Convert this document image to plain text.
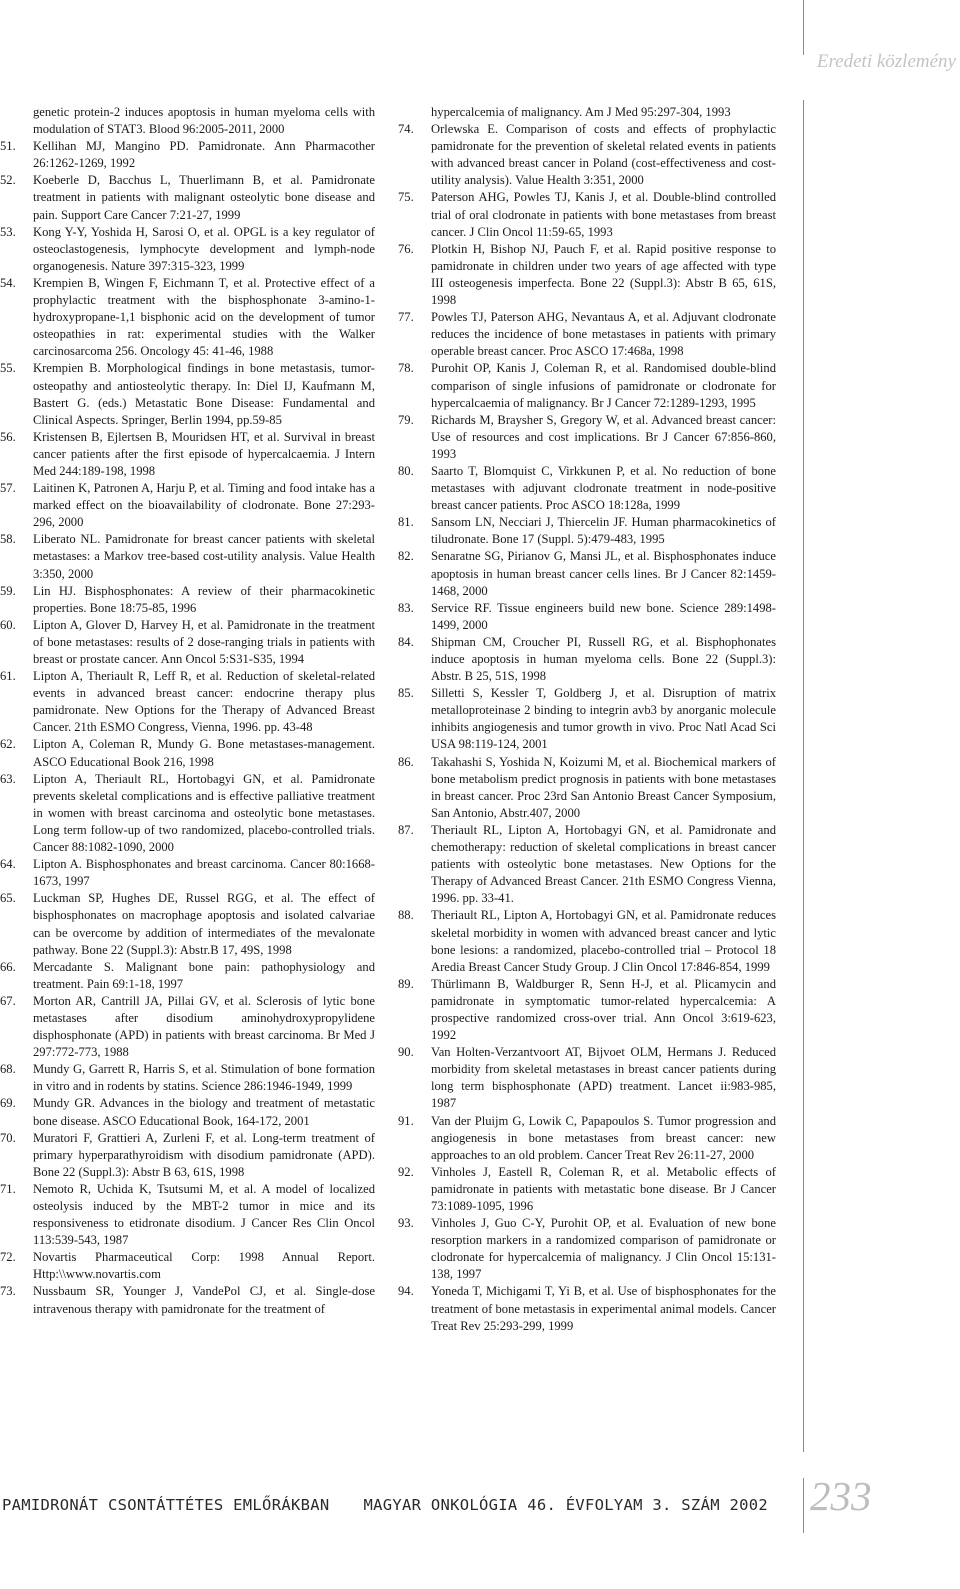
Eredeti közlemény
genetic protein-2 induces apoptosis in human myeloma cells with modulation of STAT3. Blood 96:2005-2011, 2000
51.	Kellihan MJ, Mangino PD. Pamidronate. Ann Pharmacother 26:1262-1269, 1992
52.	Koeberle D, Bacchus L, Thuerlimann B, et al. Pamidronate treatment in patients with malignant osteolytic bone disease and pain. Support Care Cancer 7:21-27, 1999
53.	Kong Y-Y, Yoshida H, Sarosi O, et al. OPGL is a key regulator of osteoclastogenesis, lymphocyte development and lymph-node organogenesis. Nature 397:315-323, 1999
54.	Krempien B, Wingen F, Eichmann T, et al. Protective effect of a prophylactic treatment with the bisphosphonate 3-amino-1-hydroxypropane-1,1 bisphonic acid on the development of tumor osteopathies in rat: experimental studies with the Walker carcinosarcoma 256. Oncology 45: 41-46, 1988
55.	Krempien B. Morphological findings in bone metastasis, tumor-osteopathy and antiosteolytic therapy. In: Diel IJ, Kaufmann M, Bastert G. (eds.) Metastatic Bone Disease: Fundamental and Clinical Aspects. Springer, Berlin 1994, pp.59-85
56.	Kristensen B, Ejlertsen B, Mouridsen HT, et al. Survival in breast cancer patients after the first episode of hypercalcaemia. J Intern Med 244:189-198, 1998
57.	Laitinen K, Patronen A, Harju P, et al. Timing and food intake has a marked effect on the bioavailability of clodronate. Bone 27:293-296, 2000
58.	Liberato NL. Pamidronate for breast cancer patients with skeletal metastases: a Markov tree-based cost-utility analysis. Value Health 3:350, 2000
59.	Lin HJ. Bisphosphonates: A review of their pharmacokinetic properties. Bone 18:75-85, 1996
60.	Lipton A, Glover D, Harvey H, et al. Pamidronate in the treatment of bone metastases: results of 2 dose-ranging trials in patients with breast or prostate cancer. Ann Oncol 5:S31-S35, 1994
61.	Lipton A, Theriault R, Leff R, et al. Reduction of skeletal-related events in advanced breast cancer: endocrine therapy plus pamidronate. New Options for the Therapy of Advanced Breast Cancer. 21th ESMO Congress, Vienna, 1996. pp. 43-48
62.	Lipton A, Coleman R, Mundy G. Bone metastases-management. ASCO Educational Book 216, 1998
63.	Lipton A, Theriault RL, Hortobagyi GN, et al. Pamidronate prevents skeletal complications and is effective palliative treatment in women with breast carcinoma and osteolytic bone metastases. Long term follow-up of two randomized, placebo-controlled trials. Cancer 88:1082-1090, 2000
64.	Lipton A. Bisphosphonates and breast carcinoma. Cancer 80:1668-1673, 1997
65.	Luckman SP, Hughes DE, Russel RGG, et al. The effect of bisphosphonates on macrophage apoptosis and isolated calvariae can be overcome by addition of intermediates of the mevalonate pathway. Bone 22 (Suppl.3): Abstr.B 17, 49S, 1998
66.	Mercadante S. Malignant bone pain: pathophysiology and treatment. Pain 69:1-18, 1997
67.	Morton AR, Cantrill JA, Pillai GV, et al. Sclerosis of lytic bone metastases after disodium aminohydroxypropylidene disphosphonate (APD) in patients with breast carcinoma. Br Med J 297:772-773, 1988
68.	Mundy G, Garrett R, Harris S, et al. Stimulation of bone formation in vitro and in rodents by statins. Science 286:1946-1949, 1999
69.	Mundy GR. Advances in the biology and treatment of metastatic bone disease. ASCO Educational Book, 164-172, 2001
70.	Muratori F, Grattieri A, Zurleni F, et al. Long-term treatment of primary hyperparathyroidism with disodium pamidronate (APD). Bone 22 (Suppl.3): Abstr B 63, 61S, 1998
71.	Nemoto R, Uchida K, Tsutsumi M, et al. A model of localized osteolysis induced by the MBT-2 tumor in mice and its responsiveness to etidronate disodium. J Cancer Res Clin Oncol 113:539-543, 1987
72.	Novartis Pharmaceutical Corp: 1998 Annual Report. Http:\\www.novartis.com
73.	Nussbaum SR, Younger J, VandePol CJ, et al. Single-dose intravenous therapy with pamidronate for the treatment of
hypercalcemia of malignancy. Am J Med 95:297-304, 1993
74.	Orlewska E. Comparison of costs and effects of prophylactic pamidronate for the prevention of skeletal related events in patients with advanced breast cancer in Poland (cost-effectiveness and cost-utility analysis). Value Health 3:351, 2000
75.	Paterson AHG, Powles TJ, Kanis J, et al. Double-blind controlled trial of oral clodronate in patients with bone metastases from breast cancer. J Clin Oncol 11:59-65, 1993
76.	Plotkin H, Bishop NJ, Pauch F, et al. Rapid positive response to pamidronate in children under two years of age affected with type III osteogenesis imperfecta. Bone 22 (Suppl.3): Abstr B 65, 61S, 1998
77.	Powles TJ, Paterson AHG, Nevantaus A, et al. Adjuvant clodronate reduces the incidence of bone metastases in patients with primary operable breast cancer. Proc ASCO 17:468a, 1998
78.	Purohit OP, Kanis J, Coleman R, et al. Randomised double-blind comparison of single infusions of pamidronate or clodronate for hypercalcaemia of malignancy. Br J Cancer 72:1289-1293, 1995
79.	Richards M, Braysher S, Gregory W, et al. Advanced breast cancer: Use of resources and cost implications. Br J Cancer 67:856-860, 1993
80.	Saarto T, Blomquist C, Virkkunen P, et al. No reduction of bone metastases with adjuvant clodronate treatment in node-positive breast cancer patients. Proc ASCO 18:128a, 1999
81.	Sansom LN, Necciari J, Thiercelin JF. Human pharmacokinetics of tiludronate. Bone 17 (Suppl. 5):479-483, 1995
82.	Senaratne SG, Pirianov G, Mansi JL, et al. Bisphosphonates induce apoptosis in human breast cancer cells lines. Br J Cancer 82:1459-1468, 2000
83.	Service RF. Tissue engineers build new bone. Science 289:1498-1499, 2000
84.	Shipman CM, Croucher PI, Russell RG, et al. Bisphophonates induce apoptosis in human myeloma cells. Bone 22 (Suppl.3): Abstr. B 25, 51S, 1998
85.	Silletti S, Kessler T, Goldberg J, et al. Disruption of matrix metalloproteinase 2 binding to integrin avb3 by anorganic molecule inhibits angiogenesis and tumor growth in vivo. Proc Natl Acad Sci USA 98:119-124, 2001
86.	Takahashi S, Yoshida N, Koizumi M, et al. Biochemical markers of bone metabolism predict prognosis in patients with bone metastases in breast cancer. Proc 23rd San Antonio Breast Cancer Symposium, San Antonio, Abstr.407, 2000
87.	Theriault RL, Lipton A, Hortobagyi GN, et al. Pamidronate and chemotherapy: reduction of skeletal complications in breast cancer patients with osteolytic bone metastases. New Options for the Therapy of Advanced Breast Cancer. 21th ESMO Congress Vienna, 1996. pp. 33-41.
88.	Theriault RL, Lipton A, Hortobagyi GN, et al. Pamidronate reduces skeletal morbidity in women with advanced breast cancer and lytic bone lesions: a randomized, placebo-controlled trial – Protocol 18 Aredia Breast Cancer Study Group. J Clin Oncol 17:846-854, 1999
89.	Thürlimann B, Waldburger R, Senn H-J, et al. Plicamycin and pamidronate in symptomatic tumor-related hypercalcemia: A prospective randomized cross-over trial. Ann Oncol 3:619-623, 1992
90.	Van Holten-Verzantvoort AT, Bijvoet OLM, Hermans J. Reduced morbidity from skeletal metastases in breast cancer patients during long term bisphosphonate (APD) treatment. Lancet ii:983-985, 1987
91.	Van der Pluijm G, Lowik C, Papapoulos S. Tumor progression and angiogenesis in bone metastases from breast cancer: new approaches to an old problem. Cancer Treat Rev 26:11-27, 2000
92.	Vinholes J, Eastell R, Coleman R, et al. Metabolic effects of pamidronate in patients with metastatic bone disease. Br J Cancer 73:1089-1095, 1996
93.	Vinholes J, Guo C-Y, Purohit OP, et al. Evaluation of new bone resorption markers in a randomized comparison of pamidronate or clodronate for hypercalcemia of malignancy. J Clin Oncol 15:131-138, 1997
94.	Yoneda T, Michigami T, Yi B, et al. Use of bisphosphonates for the treatment of bone metastasis in experimental animal models. Cancer Treat Rev 25:293-299, 1999
PAMIDRONÁT CSONTÁTTÉTES EMLŐRÁKBAN MAGYAR ONKOLÓGIA 46. ÉVFOLYAM 3. SZÁM 2002 233
